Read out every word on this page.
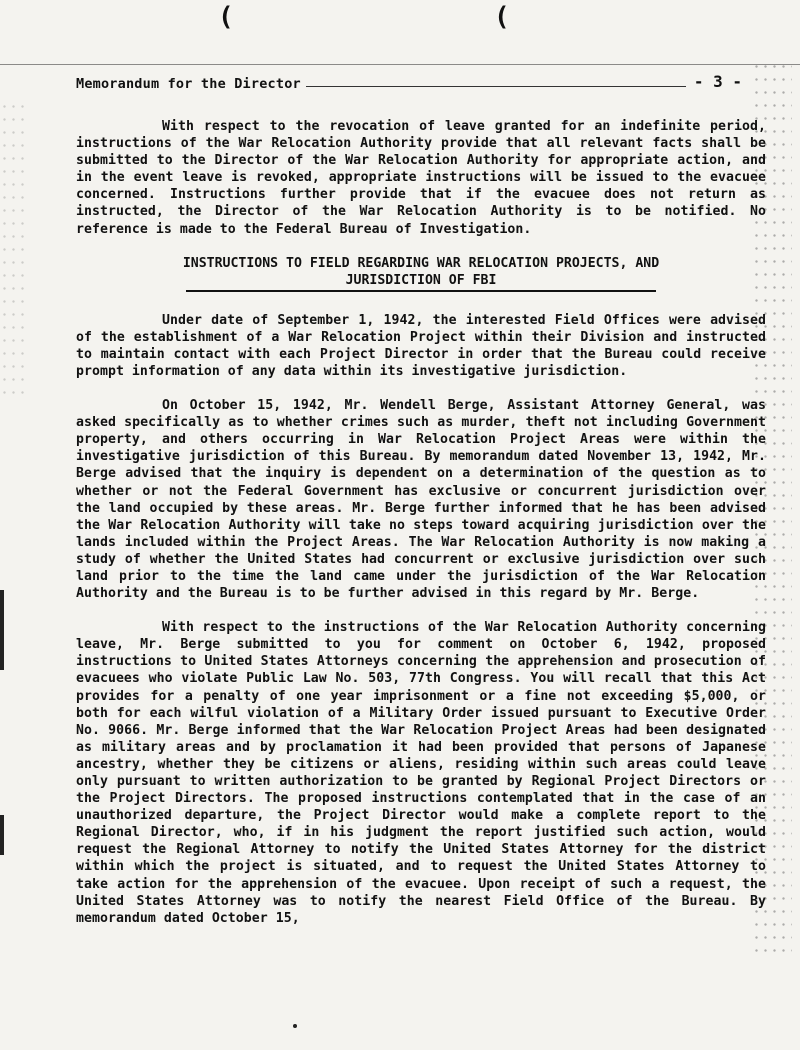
(	(
Memorandum for the Director	- 3 -

With respect to the revocation of leave granted for an indefinite period, instructions of the War Relocation Authority provide that all relevant facts shall be submitted to the Director of the War Relocation Authority for appropriate action, and in the event leave is revoked, appropriate instructions will be issued to the evacuee concerned. Instructions further provide that if the evacuee does not return as instructed, the Director of the War Relocation Authority is to be notified. No reference is made to the Federal Bureau of Investigation.

INSTRUCTIONS TO FIELD REGARDING WAR RELOCATION PROJECTS, AND
JURISDICTION OF FBI

Under date of September 1, 1942, the interested Field Offices were advised of the establishment of a War Relocation Project within their Division and instructed to maintain contact with each Project Director in order that the Bureau could receive prompt information of any data within its investigative jurisdiction.

On October 15, 1942, Mr. Wendell Berge, Assistant Attorney General, was asked specifically as to whether crimes such as murder, theft not including Government property, and others occurring in War Relocation Project Areas were within the investigative jurisdiction of this Bureau. By memorandum dated November 13, 1942, Mr. Berge advised that the inquiry is dependent on a determination of the question as to whether or not the Federal Government has exclusive or concurrent jurisdiction over the land occupied by these areas. Mr. Berge further informed that he has been advised the War Relocation Authority will take no steps toward acquiring jurisdiction over the lands included within the Project Areas. The War Relocation Authority is now making a study of whether the United States had concurrent or exclusive jurisdiction over such land prior to the time the land came under the jurisdiction of the War Relocation Authority and the Bureau is to be further advised in this regard by Mr. Berge.

With respect to the instructions of the War Relocation Authority concerning leave, Mr. Berge submitted to you for comment on October 6, 1942, proposed instructions to United States Attorneys concerning the apprehension and prosecution of evacuees who violate Public Law No. 503, 77th Congress. You will recall that this Act provides for a penalty of one year imprisonment or a fine not exceeding $5,000, or both for each wilful violation of a Military Order issued pursuant to Executive Order No. 9066. Mr. Berge informed that the War Relocation Project Areas had been designated as military areas and by proclamation it had been provided that persons of Japanese ancestry, whether they be citizens or aliens, residing within such areas could leave only pursuant to written authorization to be granted by Regional Project Directors or the Project Directors. The proposed instructions contemplated that in the case of an unauthorized departure, the Project Director would make a complete report to the Regional Director, who, if in his judgment the report justified such action, would request the Regional Attorney to notify the United States Attorney for the district within which the project is situated, and to request the United States Attorney to take action for the apprehension of the evacuee. Upon receipt of such a request, the United States Attorney was to notify the nearest Field Office of the Bureau. By memorandum dated October 15,
